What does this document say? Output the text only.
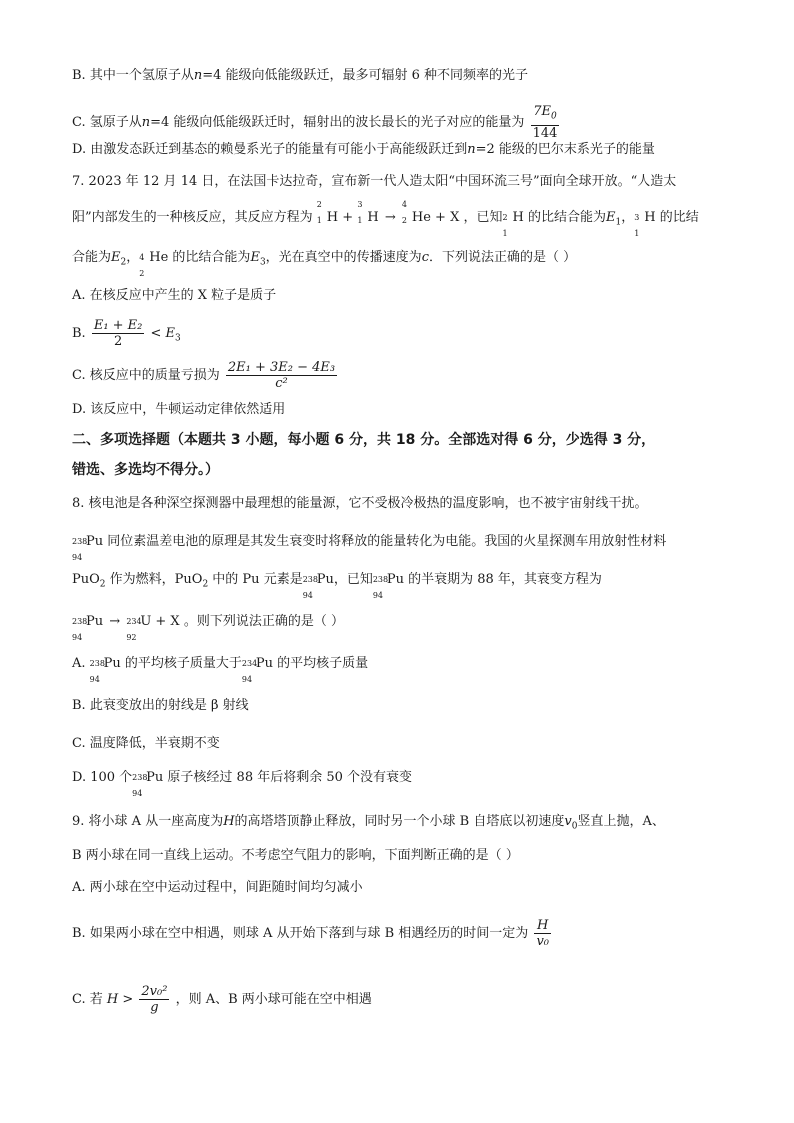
B. 其中一个氢原子从n=4 能级向低能级跃迁，最多可辐射 6 种不同频率的光子
C. 氢原子从n=4 能级向低能级跃迁时，辐射出的波长最长的光子对应的能量为 $\frac{7E_0}{144}$
D. 由激发态跃迁到基态的赖曼系光子的能量有可能小于高能级跃迁到n=2 能级的巴尔末系光子的能量
7. 2023 年 12 月 14 日，在法国卡达拉奇，宣布新一代人造太阳“中国环流三号”面向全球开放。“人造太
阳”内部发生的一种核反应，其反应方程为
2
1 H +
3
1 H →
4
2 He + X ，已知 2
1
H 的比结合能为$E_1$， 3
1
H 的比结
合能为$E_2$， 4
2
He 的比结合能为$E_3$，光在真空中的传播速度为c．下列说法正确的是（ ）
A. 在核反应中产生的 X 粒子是质子
B. $\frac{\text{E₁ + E₂}}{2} < E_3$
C. 核反应中的质量亏损为 $\frac{\text{2E₁ + 3E₂ − 4E₃}}{\text{c²}}$
D. 该反应中，牛顿运动定律依然适用
二、多项选择题（本题共 3 小题，每小题 6 分，共 18 分。全部选对得 6 分，少选得 3 分，
错选、多选均不得分。）
8. 核电池是各种深空探测器中最理想的能量源，它不受极冷极热的温度影响，也不被宇宙射线干扰。
238
94
Pu 同位素温差电池的原理是其发生衰变时将释放的能量转化为电能。我国的火星探测车用放射性材料
PuO$_2$ 作为燃料，PuO$_2$ 中的 Pu 元素是 238
94
Pu，已知 238
94
Pu 的半衰期为 88 年，其衰变方程为
238
94
Pu → 234
92
U + X 。则下列说法正确的是（ ）
A. 238
94
Pu 的平均核子质量大于 234
94
Pu 的平均核子质量
B. 此衰变放出的射线是 β 射线
C. 温度降低，半衰期不变
D. 100 个 238
94
Pu 原子核经过 88 年后将剩余 50 个没有衰变
9. 将小球 A 从一座高度为H的高塔塔顶静止释放，同时另一个小球 B 自塔底以初速度$v_0$竖直上抛，A、
B 两小球在同一直线上运动。不考虑空气阻力的影响，下面判断正确的是（ ）
A. 两小球在空中运动过程中，间距随时间均匀减小
B. 如果两小球在空中相遇，则球 A 从开始下落到与球 B 相遇经历的时间一定为 $\frac{H}{\text{v₀}}$
C. 若 $H > \frac{\text{2v₀²}}{g}$ ，则 A、B 两小球可能在空中相遇
